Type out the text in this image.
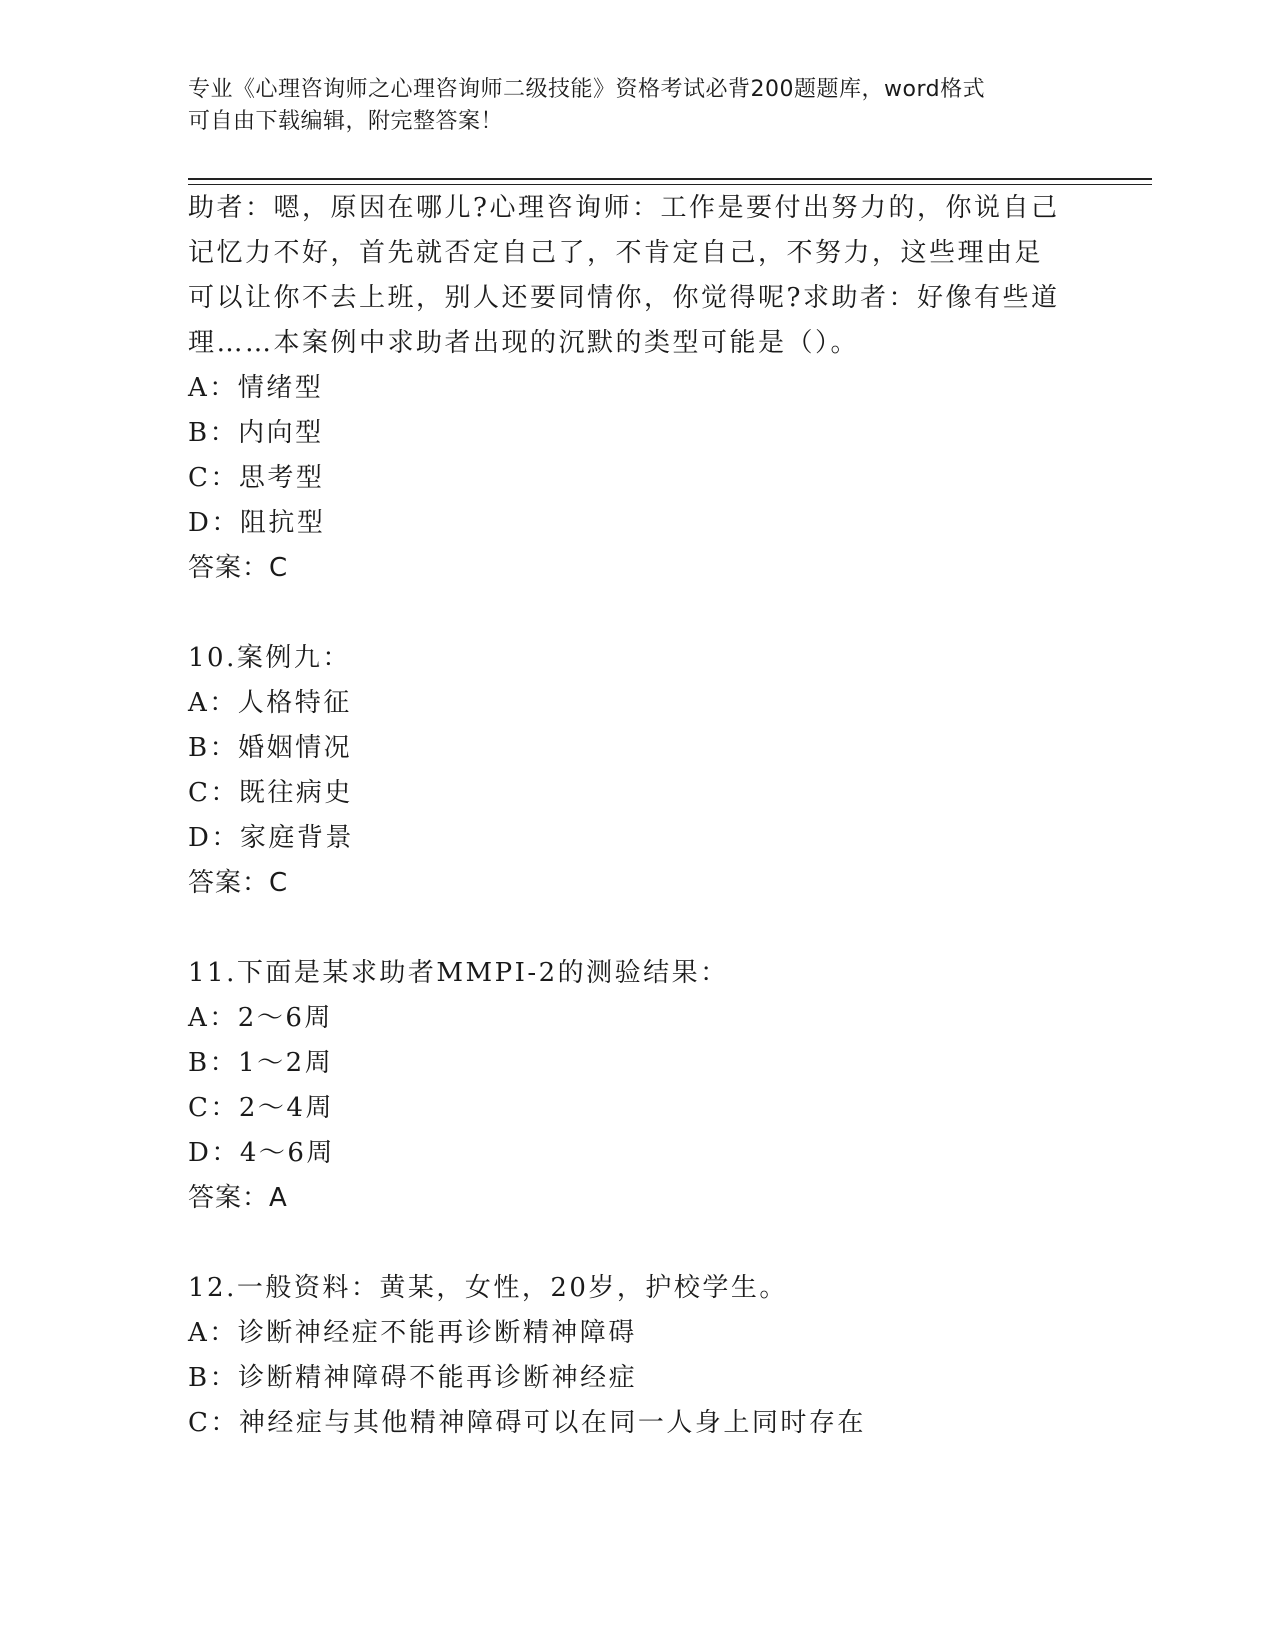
专业《心理咨询师之心理咨询师二级技能》资格考试必背200题题库，word格式
可自由下载编辑，附完整答案！

助者：嗯，原因在哪儿?心理咨询师：工作是要付出努力的，你说自己

记忆力不好，首先就否定自己了，不肯定自己，不努力，这些理由足

可以让你不去上班，别人还要同情你，你觉得呢?求助者：好像有些道

理……本案例中求助者出现的沉默的类型可能是（）。

A：情绪型

B：内向型

C：思考型

D：阻抗型

答案：C

10.案例九：

A：人格特征

B：婚姻情况

C：既往病史

D：家庭背景

答案：C

11.下面是某求助者MMPI-2的测验结果：

A：2～6周

B：1～2周

C：2～4周

D：4～6周

答案：A

12.一般资料：黄某，女性，20岁，护校学生。

A：诊断神经症不能再诊断精神障碍

B：诊断精神障碍不能再诊断神经症

C：神经症与其他精神障碍可以在同一人身上同时存在
